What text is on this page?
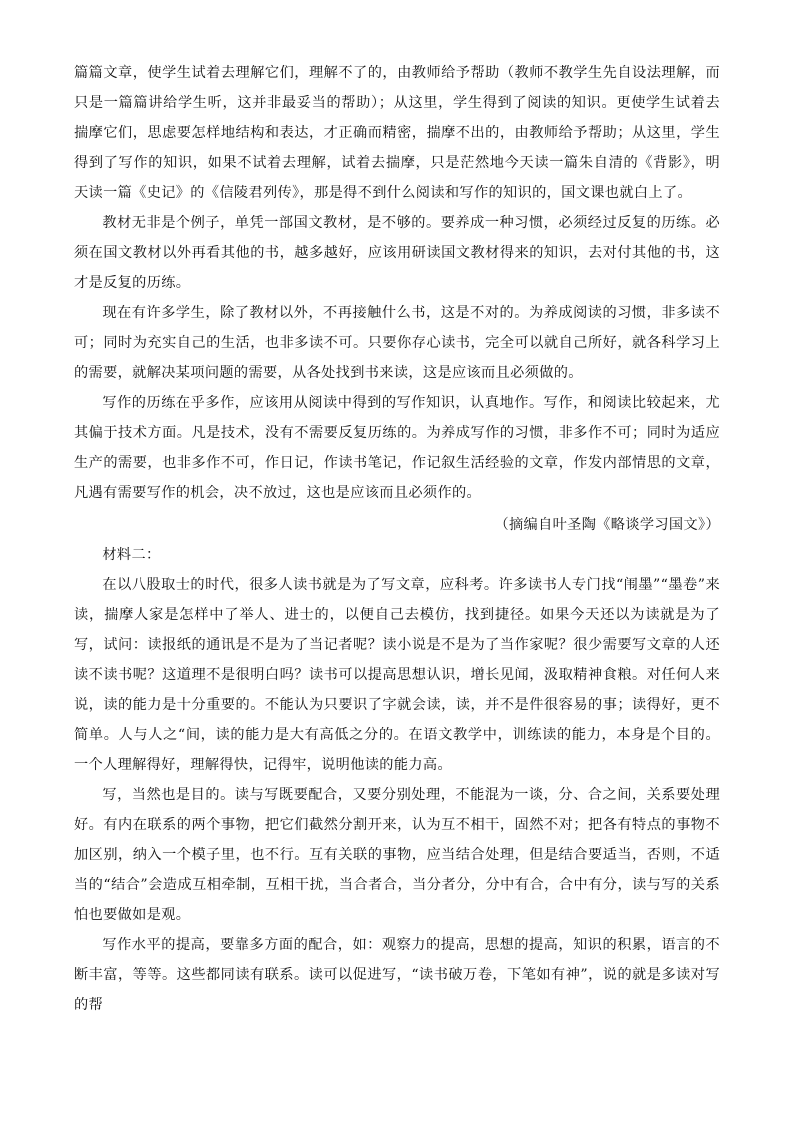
篇篇文章，使学生试着去理解它们，理解不了的，由教师给予帮助（教师不教学生先自设法理解，而只是一篇篇讲给学生听，这并非最妥当的帮助）；从这里，学生得到了阅读的知识。更使学生试着去揣摩它们，思虑要怎样地结构和表达，才正确而精密，揣摩不出的，由教师给予帮助；从这里，学生得到了写作的知识，如果不试着去理解，试着去揣摩，只是茫然地今天读一篇朱自清的《背影》，明天读一篇《史记》的《信陵君列传》，那是得不到什么阅读和写作的知识的，国文课也就白上了。

教材无非是个例子，单凭一部国文教材，是不够的。要养成一种习惯，必须经过反复的历练。必须在国文教材以外再看其他的书，越多越好，应该用研读国文教材得来的知识，去对付其他的书，这才是反复的历练。

现在有许多学生，除了教材以外，不再接触什么书，这是不对的。为养成阅读的习惯，非多读不可；同时为充实自己的生活，也非多读不可。只要你存心读书，完全可以就自己所好，就各科学习上的需要，就解决某项问题的需要，从各处找到书来读，这是应该而且必须做的。

写作的历练在乎多作，应该用从阅读中得到的写作知识，认真地作。写作，和阅读比较起来，尤其偏于技术方面。凡是技术，没有不需要反复历练的。为养成写作的习惯，非多作不可；同时为适应生产的需要，也非多作不可，作日记，作读书笔记，作记叙生活经验的文章，作发内部情思的文章，凡遇有需要写作的机会，决不放过，这也是应该而且必须作的。

（摘编自叶圣陶《略谈学习国文》）

材料二：

在以八股取士的时代，很多人读书就是为了写文章，应科考。许多读书人专门找“闱墨”“墨卷”来读，揣摩人家是怎样中了举人、进士的，以便自己去模仿，找到捷径。如果今天还以为读就是为了写，试问：读报纸的通讯是不是为了当记者呢？读小说是不是为了当作家呢？很少需要写文章的人还读不读书呢？这道理不是很明白吗？读书可以提高思想认识，增长见闻，汲取精神食粮。对任何人来说，读的能力是十分重要的。不能认为只要识了字就会读，读，并不是件很容易的事；读得好，更不简单。人与人之“间，读的能力是大有高低之分的。在语文教学中，训练读的能力，本身是个目的。一个人理解得好，理解得快，记得牢，说明他读的能力高。

写，当然也是目的。读与写既要配合，又要分别处理，不能混为一谈，分、合之间，关系要处理好。有内在联系的两个事物，把它们截然分割开来，认为互不相干，固然不对；把各有特点的事物不加区别，纳入一个模子里，也不行。互有关联的事物，应当结合处理，但是结合要适当，否则，不适当的“结合”会造成互相牵制，互相干扰，当合者合，当分者分，分中有合，合中有分，读与写的关系怕也要做如是观。

写作水平的提高，要靠多方面的配合，如：观察力的提高，思想的提高，知识的积累，语言的不断丰富，等等。这些都同读有联系。读可以促进写，“读书破万卷，下笔如有神”，说的就是多读对写的帮
